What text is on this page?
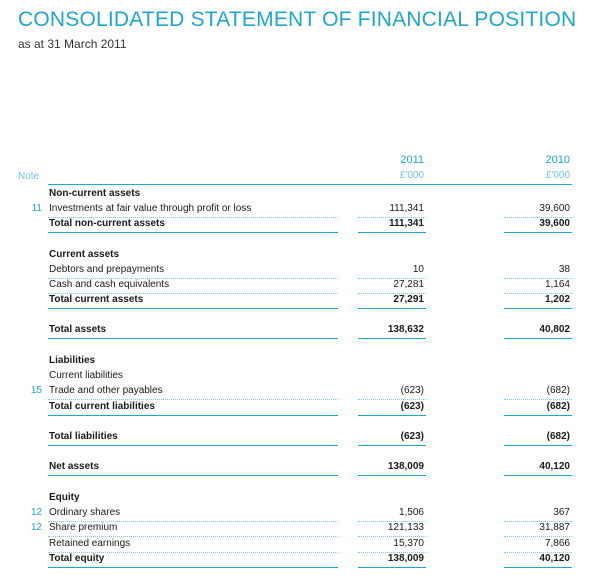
CONSOLIDATED STATEMENT OF FINANCIAL POSITION
as at 31 March 2011
2011	2010
Note	£'000	£'000
Non-current assets
11 Investments at fair value through profit or loss	111,341	39,600
Total non-current assets	111,341	39,600
Current assets
Debtors and prepayments	10	38
Cash and cash equivalents	27,281	1,164
Total current assets	27,291	1,202
Total assets	138,632	40,802
Liabilities
Current liabilities
15 Trade and other payables	(623)	(682)
Total current liabilities	(623)	(682)
Total liabilities	(623)	(682)
Net assets	138,009	40,120
Equity
12 Ordinary shares	1,506	367
12 Share premium	121,133	31,887
Retained earnings	15,370	7,866
Total equity	138,009	40,120
